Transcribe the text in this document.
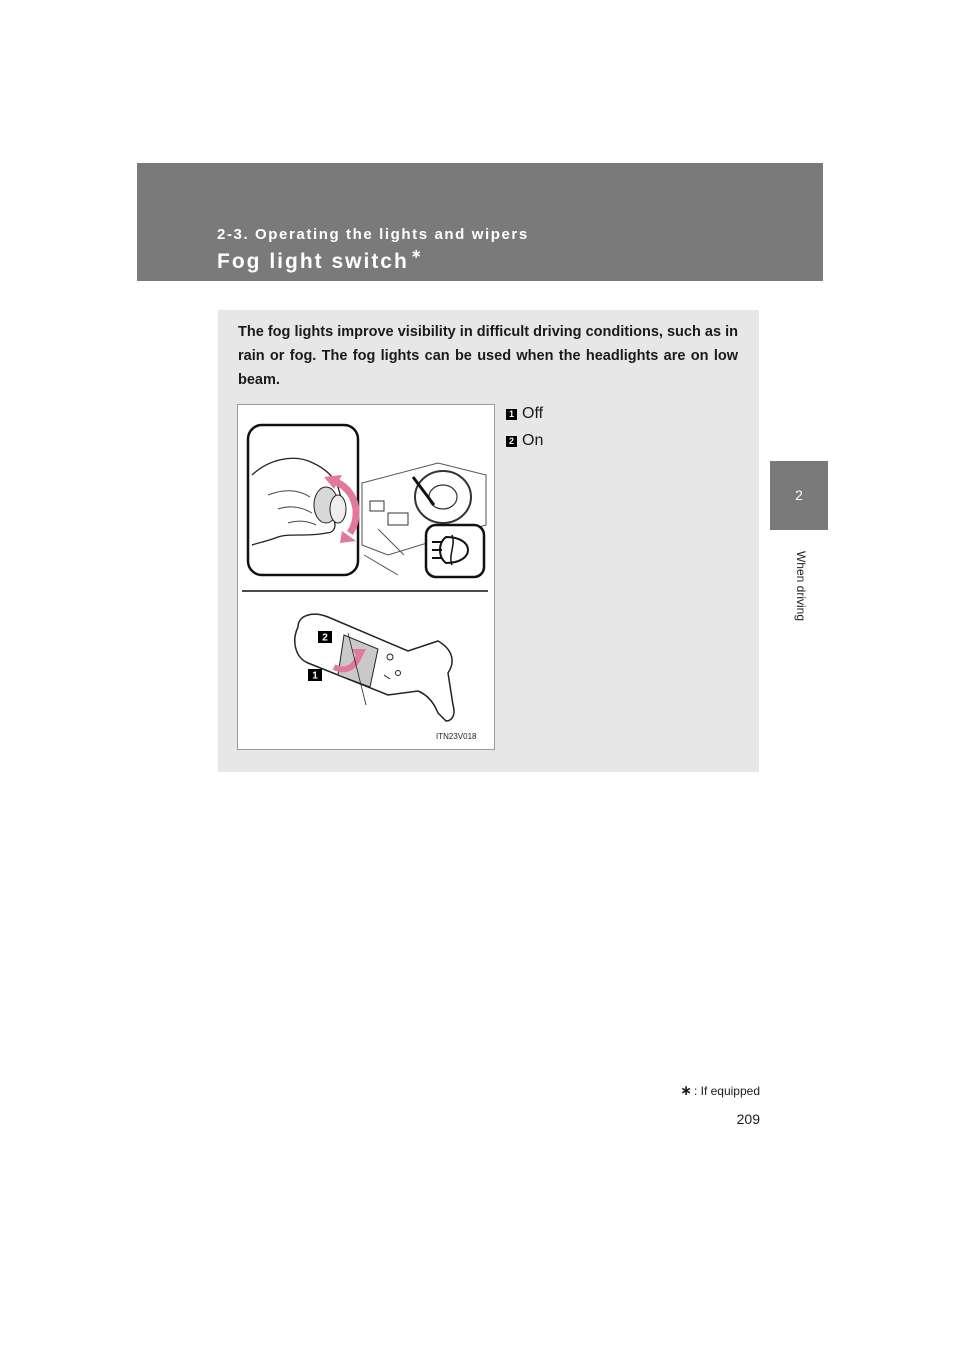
2-3. Operating the lights and wipers
Fog light switch ∗
2
When driving
The fog lights improve visibility in difficult driving conditions, such as in rain or fog. The fog lights can be used when the headlights are on low beam.
2
1
ITN23V018
1 Off
2 On
∗ : If equipped
209
